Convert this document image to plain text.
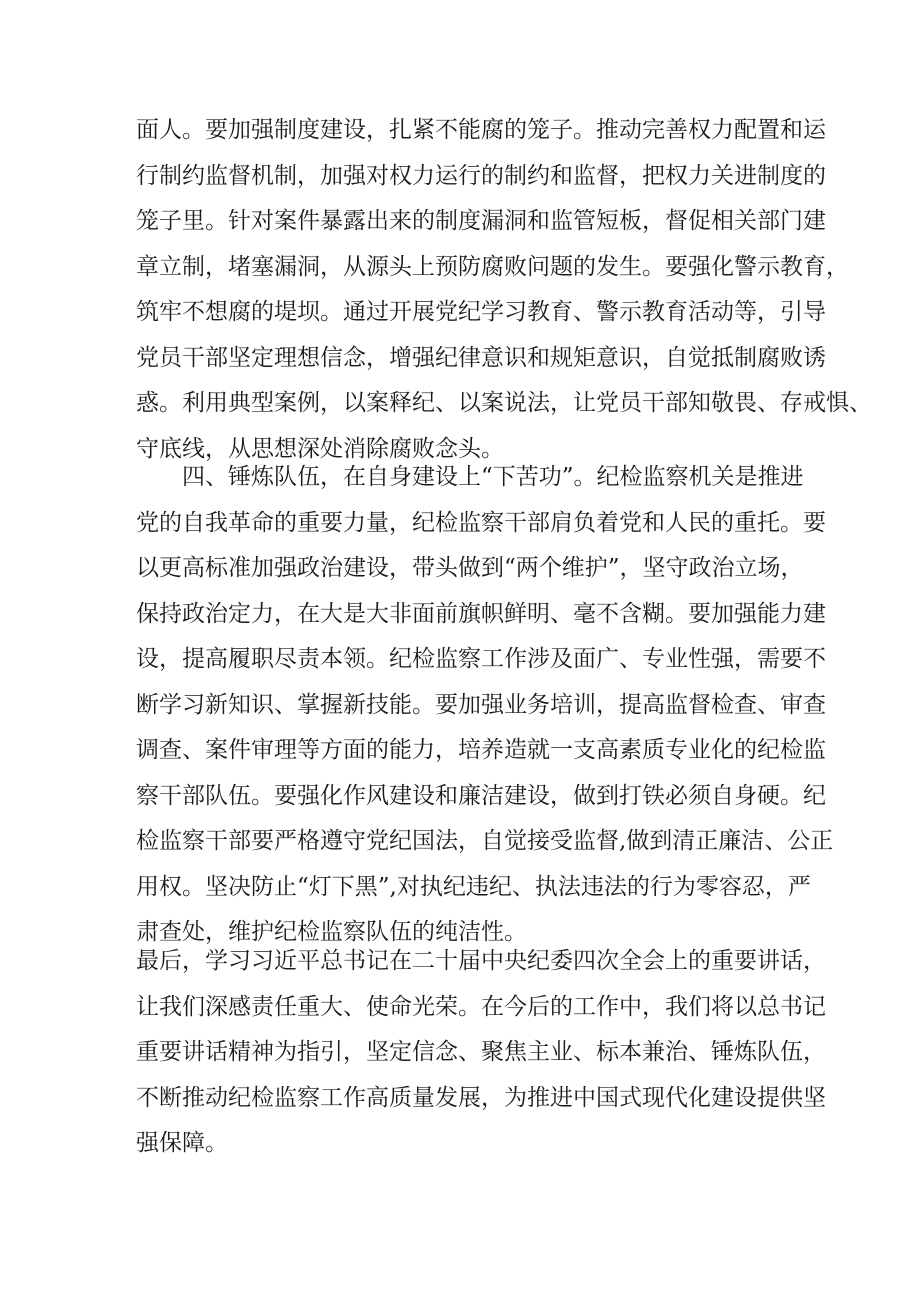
面人。要加强制度建设，扎紧不能腐的笼子。推动完善权力配置和运
行制约监督机制，加强对权力运行的制约和监督，把权力关进制度的
笼子里。针对案件暴露出来的制度漏洞和监管短板，督促相关部门建
章立制，堵塞漏洞，从源头上预防腐败问题的发生。要强化警示教育，
筑牢不想腐的堤坝。通过开展党纪学习教育、警示教育活动等，引导
党员干部坚定理想信念，增强纪律意识和规矩意识，自觉抵制腐败诱
惑。利用典型案例，以案释纪、以案说法，让党员干部知敬畏、存戒惧、
守底线，从思想深处消除腐败念头。
四、锤炼队伍，在自身建设上“下苦功”。纪检监察机关是推进
党的自我革命的重要力量，纪检监察干部肩负着党和人民的重托。要
以更高标准加强政治建设，带头做到“两个维护”，坚守政治立场，
保持政治定力，在大是大非面前旗帜鲜明、毫不含糊。要加强能力建
设，提高履职尽责本领。纪检监察工作涉及面广、专业性强，需要不
断学习新知识、掌握新技能。要加强业务培训，提高监督检查、审查
调查、案件审理等方面的能力，培养造就一支高素质专业化的纪检监
察干部队伍。要强化作风建设和廉洁建设，做到打铁必须自身硬。纪
检监察干部要严格遵守党纪国法，自觉接受监督,做到清正廉洁、公正
用权。坚决防止“灯下黑”,对执纪违纪、执法违法的行为零容忍，严
肃查处，维护纪检监察队伍的纯洁性。
最后，学习习近平总书记在二十届中央纪委四次全会上的重要讲话，
让我们深感责任重大、使命光荣。在今后的工作中，我们将以总书记
重要讲话精神为指引，坚定信念、聚焦主业、标本兼治、锤炼队伍，
不断推动纪检监察工作高质量发展，为推进中国式现代化建设提供坚
强保障。
